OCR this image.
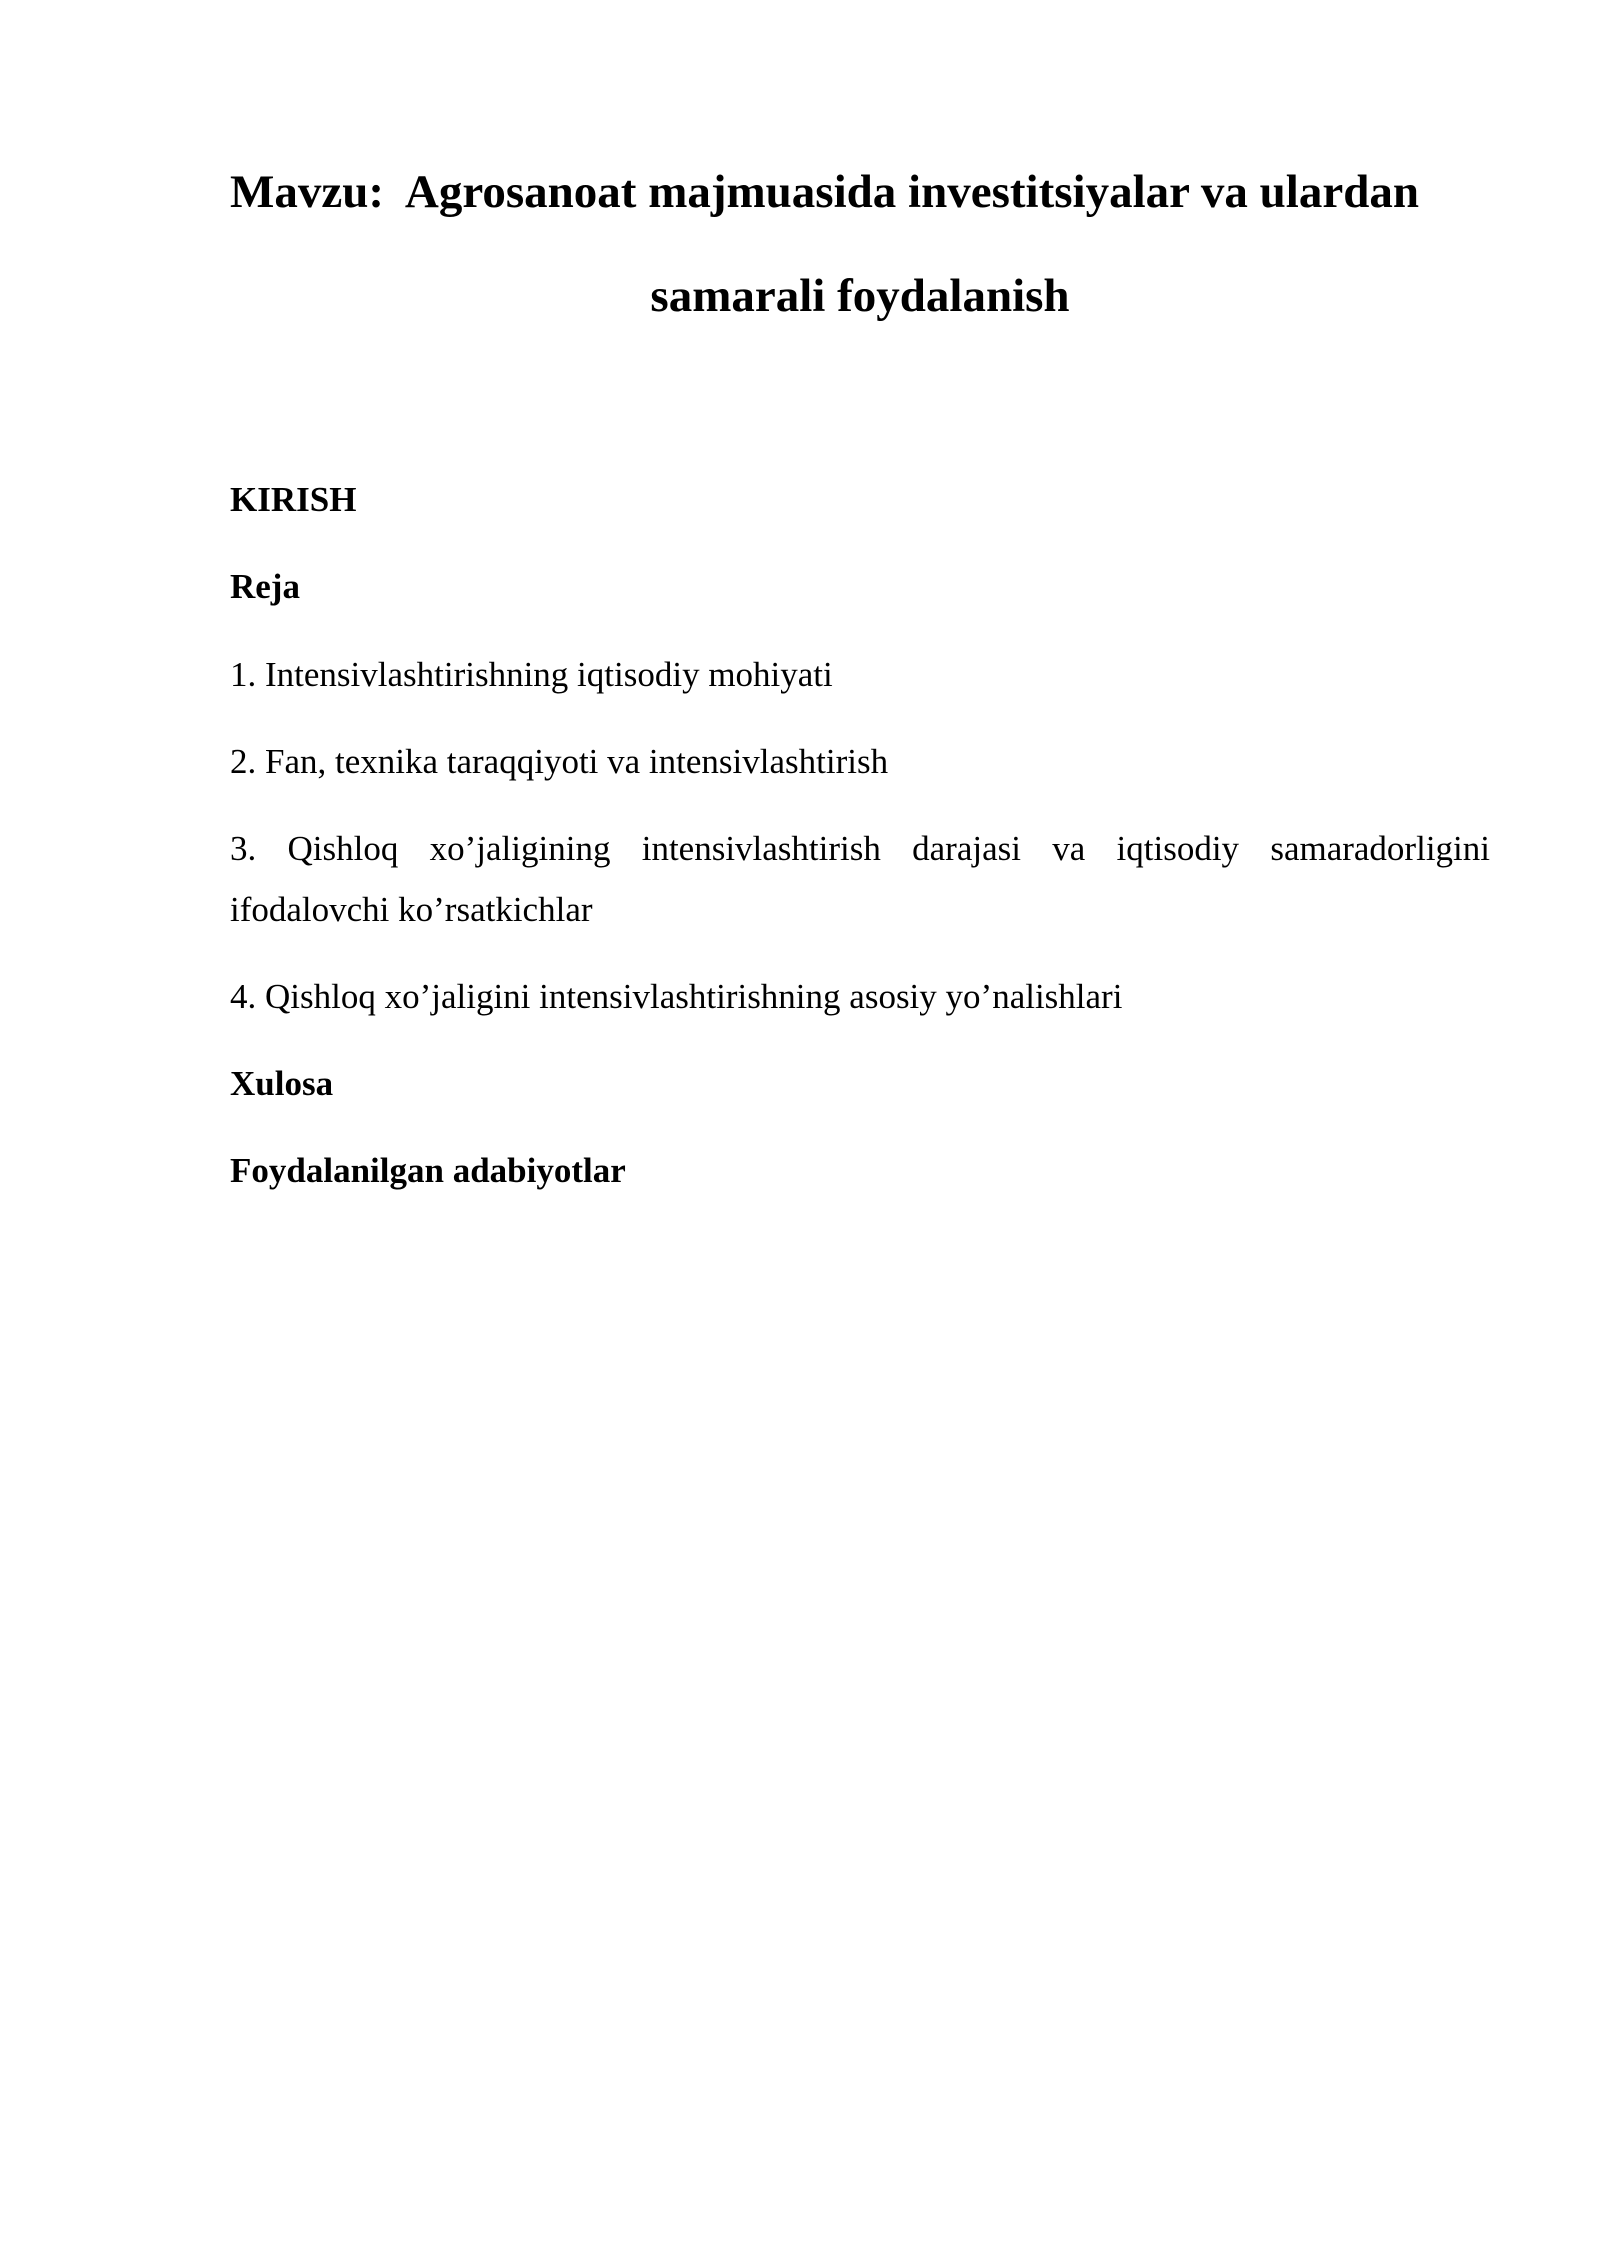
Mavzu:  Agrosanoat majmuasida investitsiyalar va ulardan
samarali foydalanish

KIRISH

Reja

1. Intensivlashtirishning iqtisodiy mohiyati

2. Fan, texnika taraqqiyoti va intensivlashtirish

3. Qishloq xo’jaligining intensivlashtirish darajasi va iqtisodiy samaradorligini ifodalovchi ko’rsatkichlar

4. Qishloq xo’jaligini intensivlashtirishning asosiy yo’nalishlari

Xulosa

Foydalanilgan adabiyotlar
